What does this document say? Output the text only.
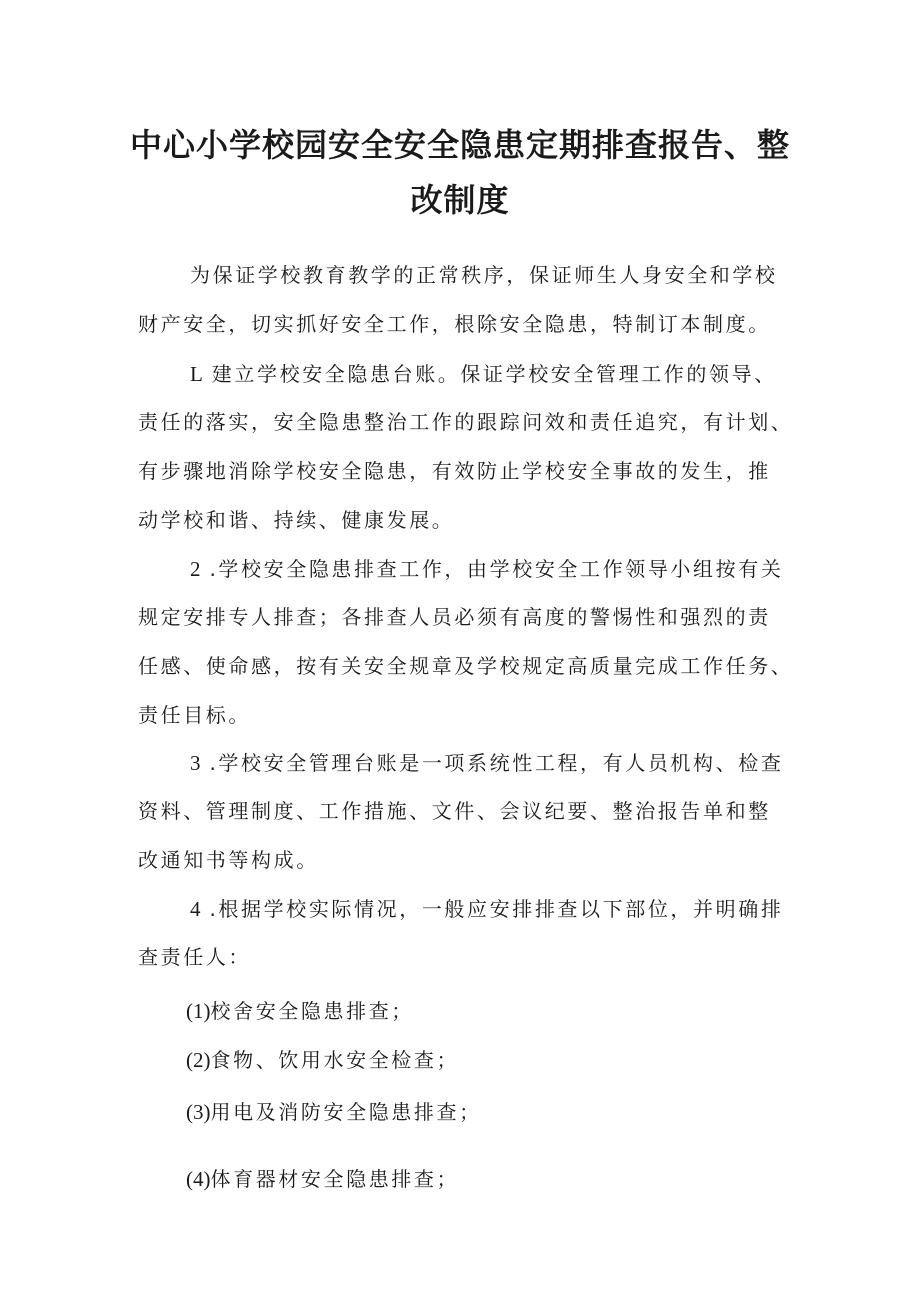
中心小学校园安全安全隐患定期排查报告、整
改制度

为保证学校教育教学的正常秩序，保证师生人身安全和学校

财产安全，切实抓好安全工作，根除安全隐患，特制订本制度。

L 建立学校安全隐患台账。保证学校安全管理工作的领导、

责任的落实，安全隐患整治工作的跟踪问效和责任追究，有计划、

有步骤地消除学校安全隐患，有效防止学校安全事故的发生，推

动学校和谐、持续、健康发展。

2 .学校安全隐患排查工作，由学校安全工作领导小组按有关

规定安排专人排查；各排查人员必须有高度的警惕性和强烈的责

任感、使命感，按有关安全规章及学校规定高质量完成工作任务、

责任目标。

3 .学校安全管理台账是一项系统性工程，有人员机构、检查

资料、管理制度、工作措施、文件、会议纪要、整治报告单和整

改通知书等构成。

4 .根据学校实际情况，一般应安排排查以下部位，并明确排

查责任人：

(1)校舍安全隐患排查；

(2)食物、饮用水安全检查；

(3)用电及消防安全隐患排查；

(4)体育器材安全隐患排查；
